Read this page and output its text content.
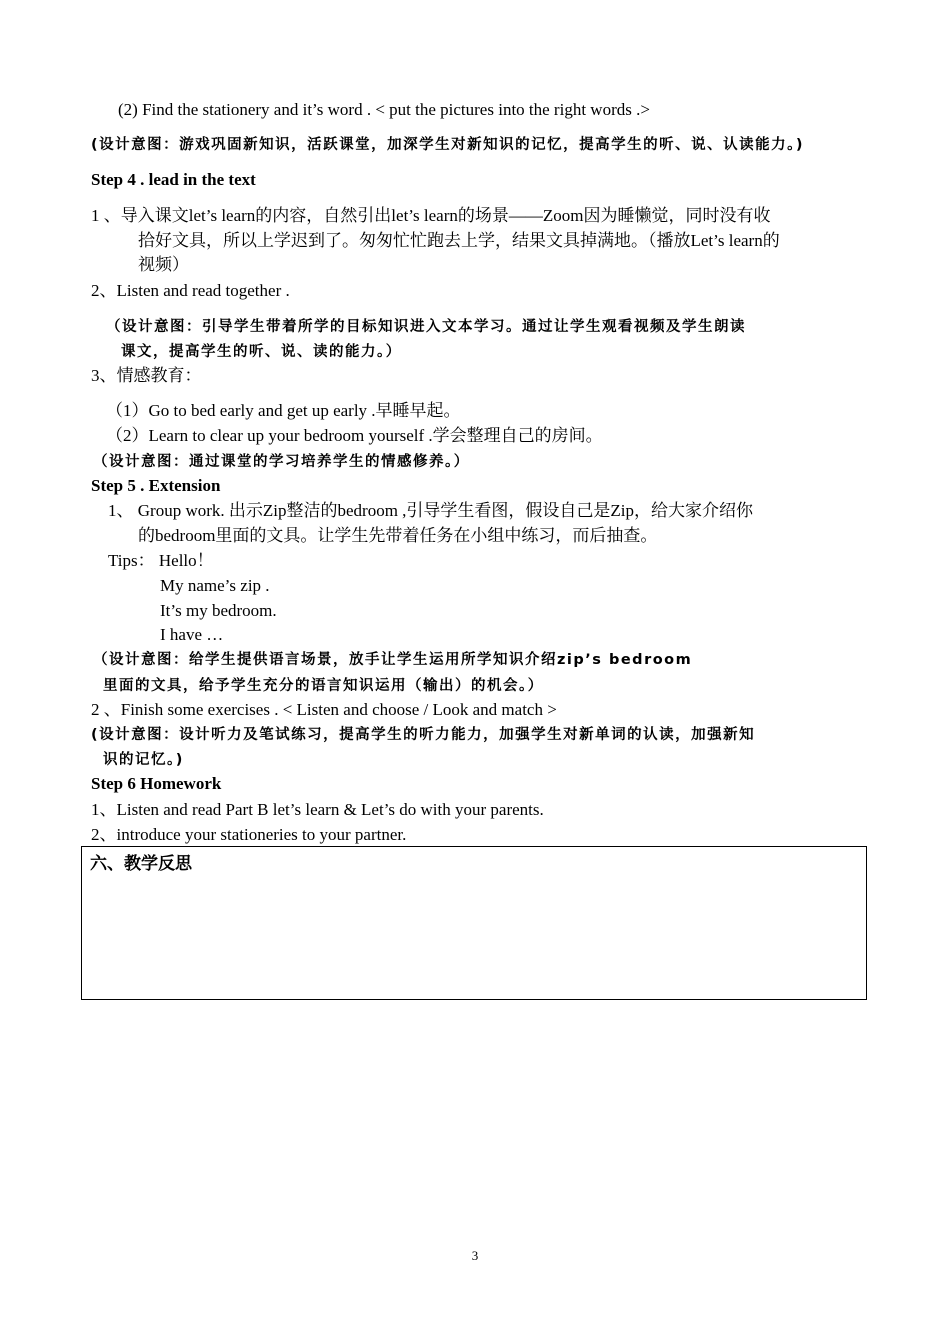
(2) Find the stationery and it’s word . < put the pictures into the right words .>
(设计意图：游戏巩固新知识，活跃课堂，加深学生对新知识的记忆，提高学生的听、说、认读能力。)
Step 4 . lead in the text
1 、导入课文let’s learn的内容，自然引出let’s learn的场景——Zoom因为睡懒觉，同时没有收
拾好文具，所以上学迟到了。匆匆忙忙跑去上学，结果文具掉满地。（播放Let’s learn的
视频）
2、Listen and read together .
（设计意图：引导学生带着所学的目标知识进入文本学习。通过让学生观看视频及学生朗读
课文，提高学生的听、说、读的能力。）
3、情感教育：
（1）Go to bed early and get up early .早睡早起。
（2）Learn to clear up your bedroom yourself .学会整理自己的房间。
（设计意图：通过课堂的学习培养学生的情感修养。）
Step 5 . Extension
1、 Group work. 出示Zip整洁的bedroom ,引导学生看图，假设自己是Zip，给大家介绍你
的bedroom里面的文具。让学生先带着任务在小组中练习，而后抽查。
Tips： Hello！
My name’s zip .
It’s my bedroom.
I have …
（设计意图：给学生提供语言场景，放手让学生运用所学知识介绍zip’s bedroom
里面的文具，给予学生充分的语言知识运用（输出）的机会。）
2 、Finish some exercises . < Listen and choose / Look and match >
(设计意图：设计听力及笔试练习，提高学生的听力能力，加强学生对新单词的认读，加强新知
识的记忆。)
Step 6 Homework
1、Listen and read Part B let’s learn & Let’s do with your parents.
2、introduce your stationeries to your partner.
六、教学反思
3
